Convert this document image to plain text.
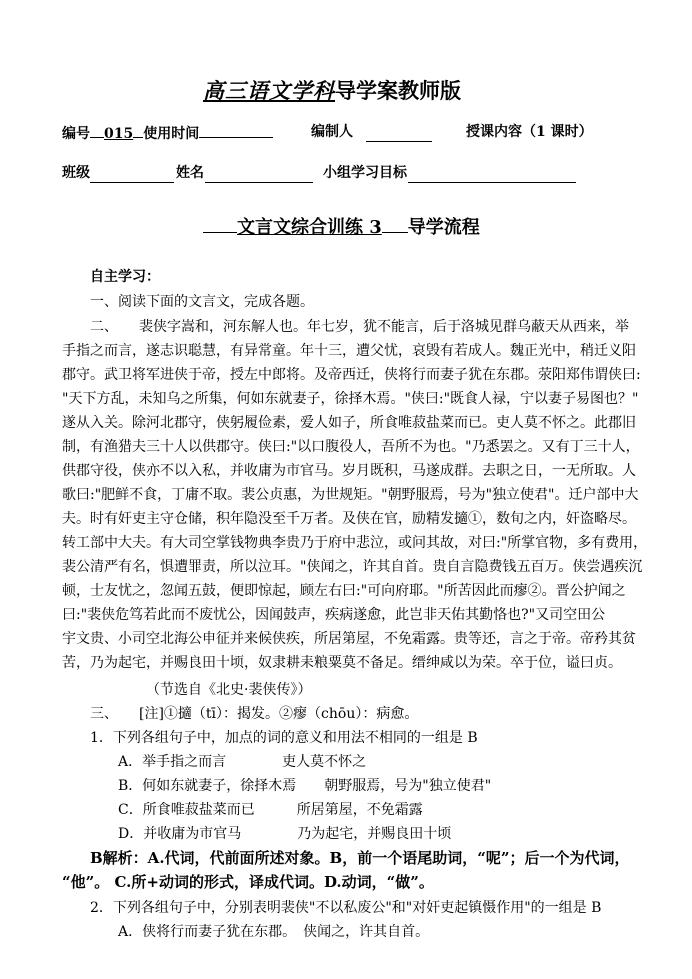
高三语文学科导学案教师版
编号 015 使用时间	编制人	授课内容（1 课时）
班级	姓名	小组学习目标
文言文综合训练 3 导学流程
自主学习：
一、阅读下面的文言文，完成各题。
二、　　裴侠字嵩和，河东解人也。年七岁，犹不能言，后于洛城见群乌蔽天从西来，举
手指之而言，遂志识聪慧，有异常童。年十三，遭父忧，哀毁有若成人。魏正光中，稍迁义阳
郡守。武卫将军进侠于帝，授左中郎将。及帝西迁，侠将行而妻子犹在东郡。荥阳郑伟谓侠曰:
"天下方乱，未知乌之所集，何如东就妻子，徐择木焉。"侠曰:"既食人禄，宁以妻子易图也？"
遂从入关。除河北郡守，侠躬履俭素，爱人如子，所食唯菽盐菜而已。吏人莫不怀之。此郡旧
制，有渔猎夫三十人以供郡守。侠曰:"以口腹役人，吾所不为也。"乃悉罢之。又有丁三十人，
供郡守役，侠亦不以入私，并收庸为市官马。岁月既积，马遂成群。去职之日，一无所取。人
歌曰:"肥鲜不食，丁庸不取。裴公贞惠，为世规矩。"朝野服焉，号为"独立使君"。迁户部中大
夫。时有奸吏主守仓储，积年隐没至千万者。及侠在官，励精发擿①，数旬之内，奸盗略尽。
转工部中大夫。有大司空掌钱物典李贵乃于府中悲泣，或问其故，对曰:"所掌官物，多有费用，
裴公清严有名，惧遭罪责，所以泣耳。"侠闻之，许其自首。贵自言隐费钱五百万。侠尝遇疾沉
顿，士友忧之，忽闻五鼓，便即惊起，顾左右曰:"可向府耶。"所苦因此而瘳②。晋公护闻之
曰:"裴侠危笃若此而不废忧公，因闻鼓声，疾病遂愈，此岂非天佑其勤恪也?"又司空田公
宇文贵、小司空北海公申征并来候侠疾，所居第屋，不免霜露。贵等还，言之于帝。帝矜其贫
苦，乃为起宅，并赐良田十顷，奴隶耕耒粮粟莫不备足。缙绅咸以为荣。卒于位，谥曰贞。
（节选自《北史·裴侠传》）
三、　　[注]①擿（tī）：揭发。②瘳（chōu）：病愈。
1．下列各组句子中，加点的词的意义和用法不相同的一组是 B
A．举手指之而言　　　　吏人莫不怀之
B．何如东就妻子，徐择木焉　　朝野服焉，号为"独立使君"
C．所食唯菽盐菜而已　　　所居第屋，不免霜露
D．并收庸为市官马　　　　乃为起宅，并赐良田十顷
B解析：A.代词，代前面所述对象。B，前一个语尾助词，“呢”；后一个为代词，
“他”。 C.所+动词的形式，译成代词。D.动词，“做”。
2．下列各组句子中，分别表明裴侠"不以私废公"和"对奸吏起镇慑作用"的一组是 B
A．侠将行而妻子犹在东郡。　侠闻之，许其自首。
